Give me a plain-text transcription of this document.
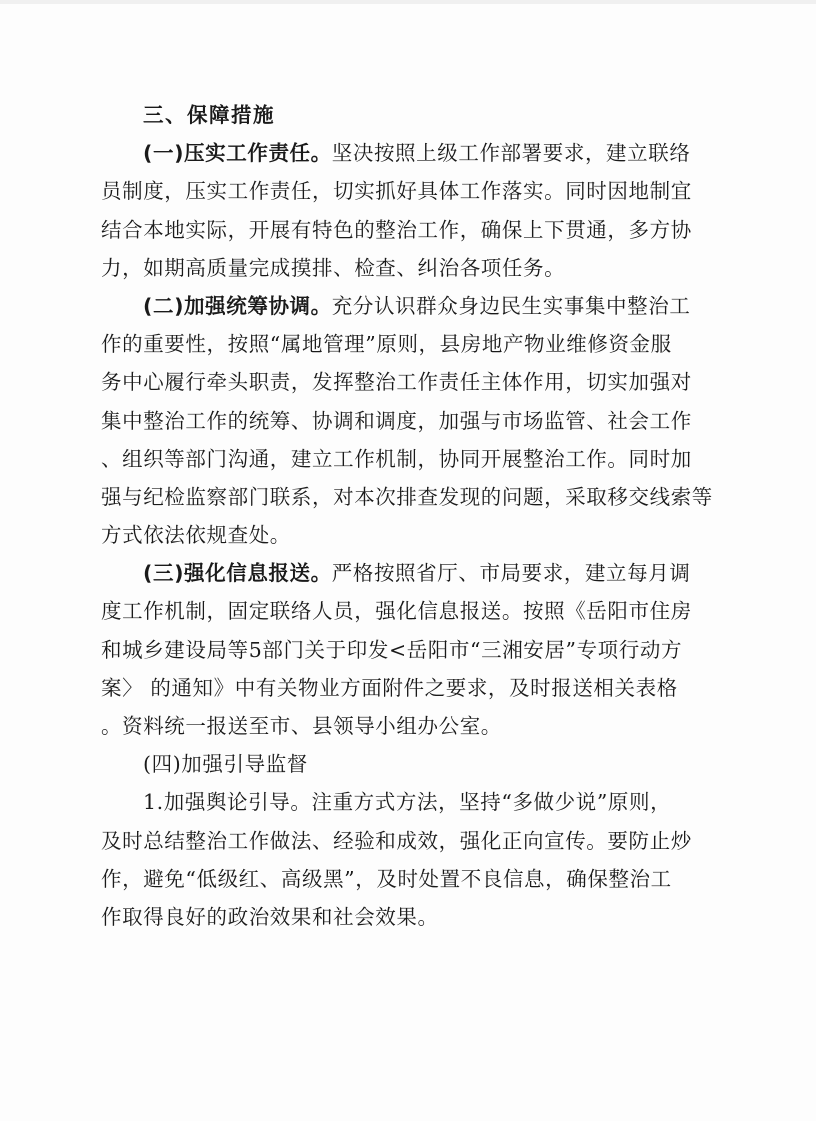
三、保障措施
(一)压实工作责任。坚决按照上级工作部署要求，建立联络
员制度，压实工作责任，切实抓好具体工作落实。同时因地制宜
结合本地实际，开展有特色的整治工作，确保上下贯通，多方协
力，如期高质量完成摸排、检查、纠治各项任务。
(二)加强统筹协调。充分认识群众身边民生实事集中整治工
作的重要性，按照“属地管理”原则，县房地产物业维修资金服
务中心履行牵头职责，发挥整治工作责任主体作用，切实加强对
集中整治工作的统筹、协调和调度，加强与市场监管、社会工作
、组织等部门沟通，建立工作机制，协同开展整治工作。同时加
强与纪检监察部门联系，对本次排查发现的问题，采取移交线索等
方式依法依规查处。
(三)强化信息报送。严格按照省厅、市局要求，建立每月调
度工作机制，固定联络人员，强化信息报送。按照《岳阳市住房
和城乡建设局等5部门关于印发<岳阳市“三湘安居”专项行动方
案〉 的通知》中有关物业方面附件之要求，及时报送相关表格
。资料统一报送至市、县领导小组办公室。
(四)加强引导监督
1.加强舆论引导。注重方式方法，坚持“多做少说”原则，
及时总结整治工作做法、经验和成效，强化正向宣传。要防止炒
作，避免“低级红、高级黑”，及时处置不良信息，确保整治工
作取得良好的政治效果和社会效果。
